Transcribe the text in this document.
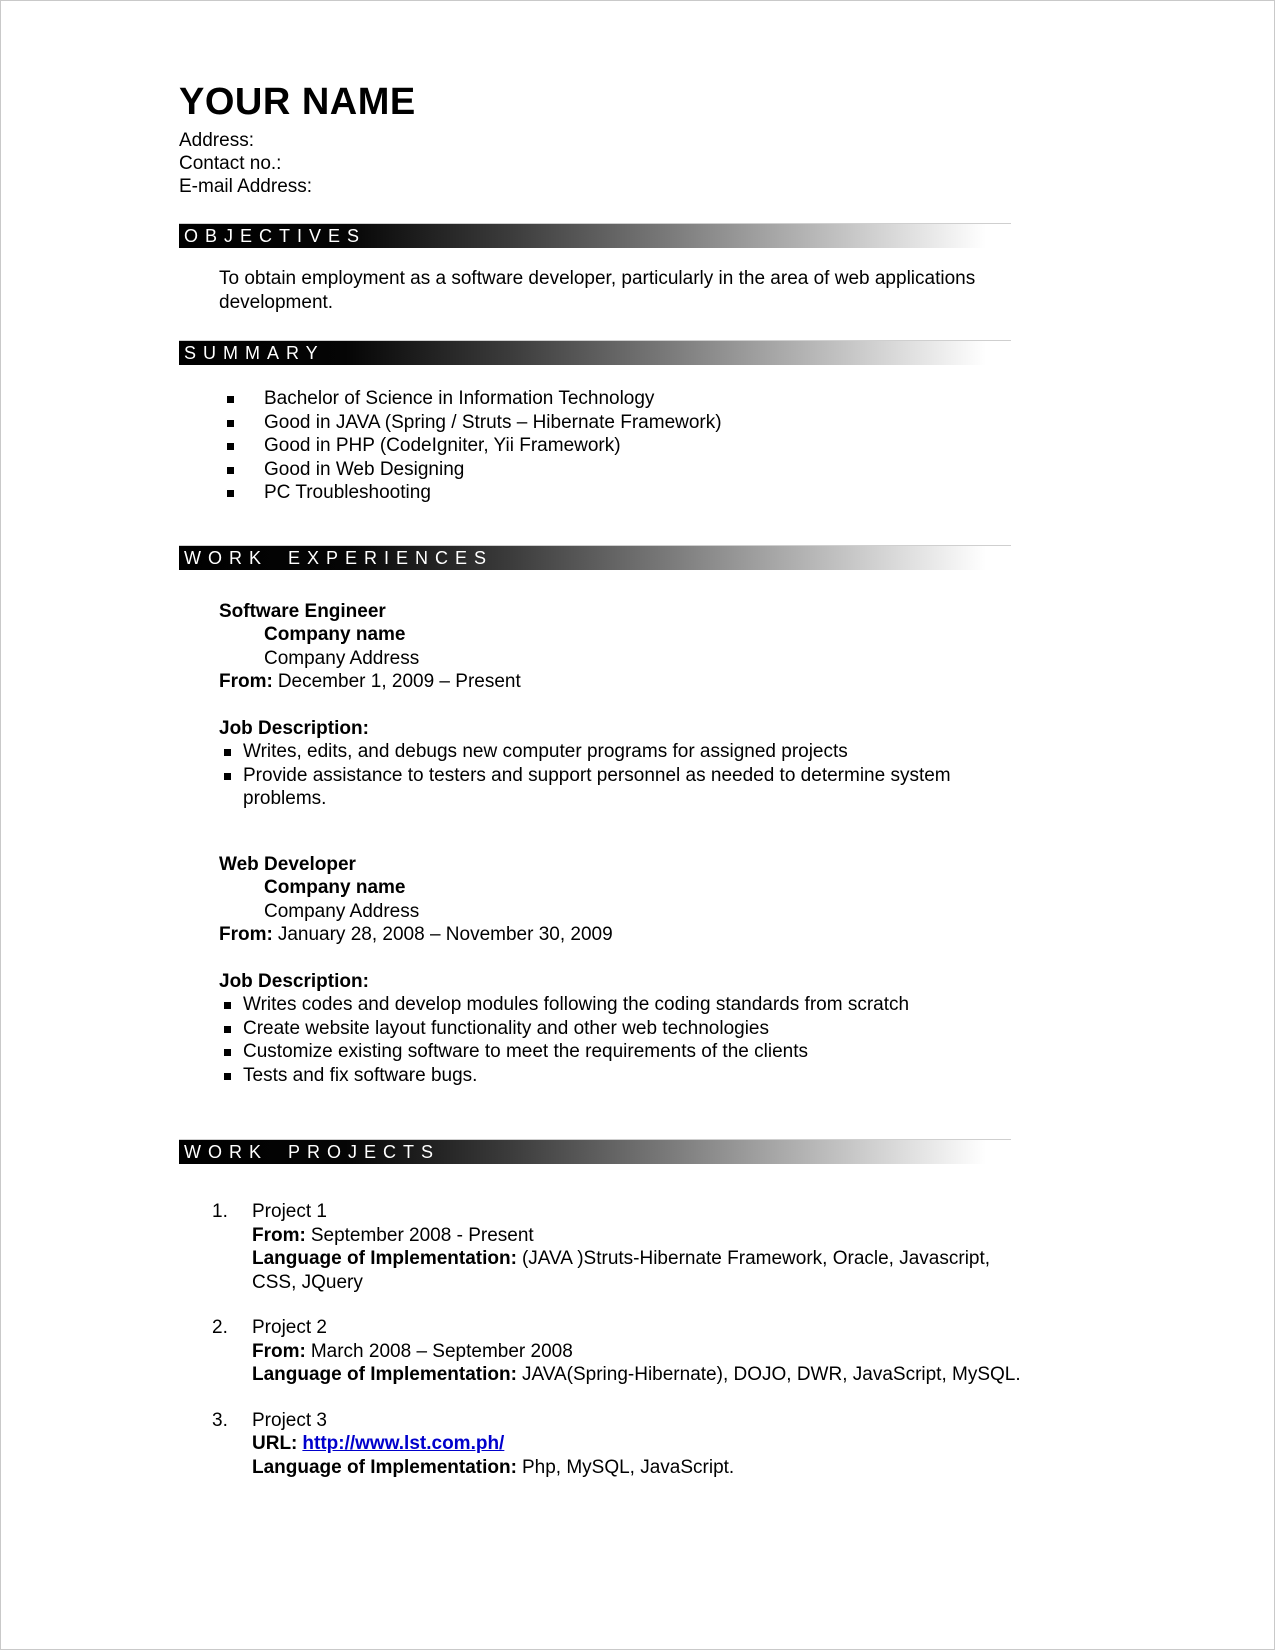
YOUR NAME
Address:
Contact no.:
E-mail Address:
OBJECTIVES
To obtain employment as a software developer, particularly in the area of web applications development.
SUMMARY
Bachelor of Science in Information Technology
Good in JAVA (Spring / Struts – Hibernate Framework)
Good in PHP (CodeIgniter, Yii Framework)
Good in Web Designing
PC Troubleshooting
WORK EXPERIENCES
Software Engineer
Company name
Company Address
From: December 1, 2009 – Present
Job Description:
Writes, edits, and debugs new computer programs for assigned projects
Provide assistance to testers and support personnel as needed to determine system problems.
Web Developer
Company name
Company Address
From: January 28, 2008 – November 30, 2009
Job Description:
Writes codes and develop modules following the coding standards from scratch
Create website layout functionality and other web technologies
Customize existing software to meet the requirements of the clients
Tests and fix software bugs.
WORK PROJECTS
1.	Project 1
From: September 2008 - Present
Language of Implementation: (JAVA )Struts-Hibernate Framework, Oracle, Javascript, CSS, JQuery
2.	Project 2
From: March 2008 – September 2008
Language of Implementation: JAVA(Spring-Hibernate), DOJO, DWR, JavaScript, MySQL.
3.	Project 3
URL: http://www.lst.com.ph/
Language of Implementation: Php, MySQL, JavaScript.
